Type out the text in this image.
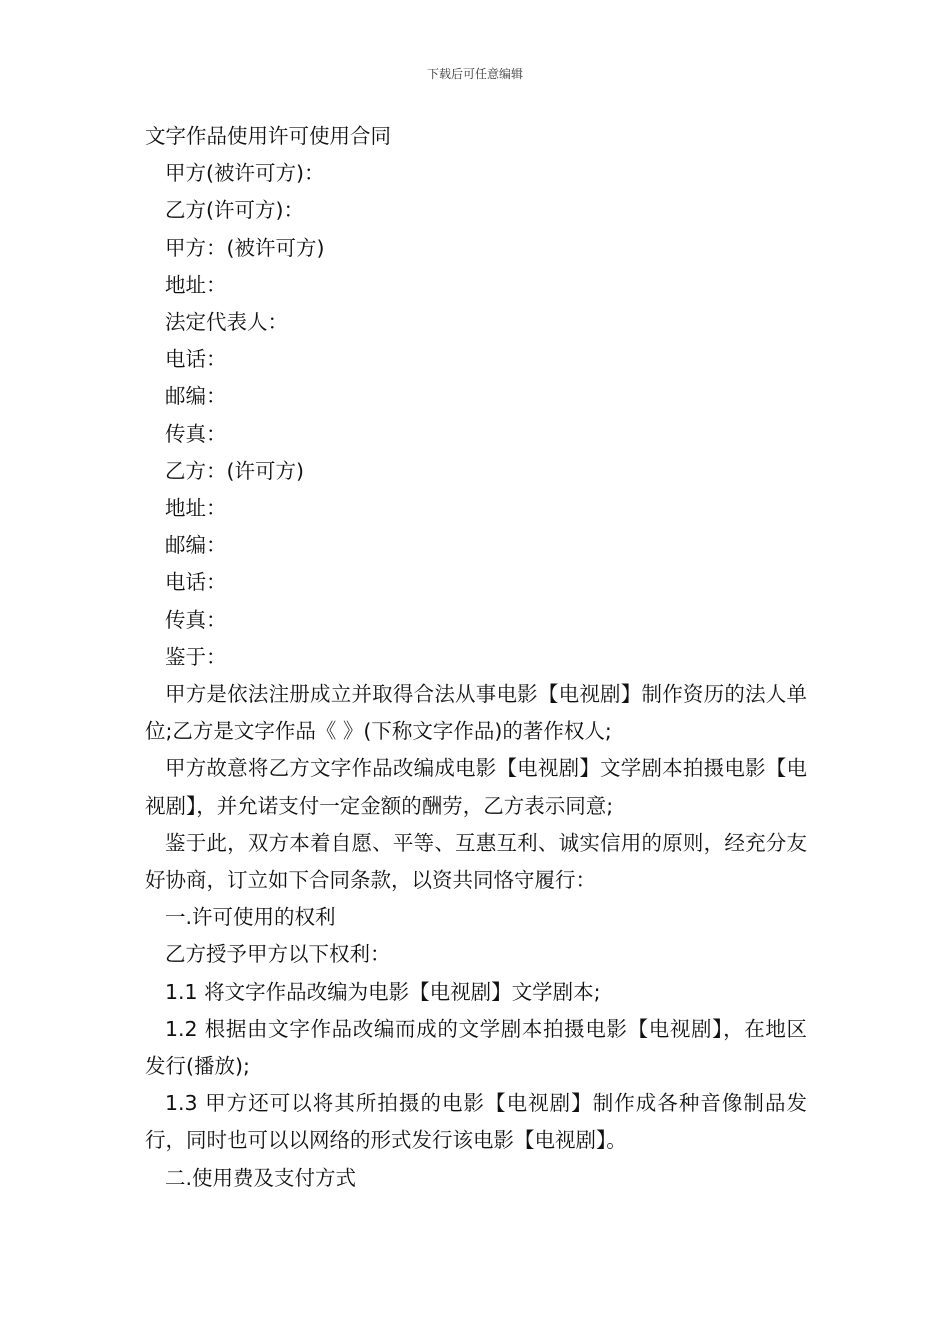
下载后可任意编辑

文字作品使用许可使用合同

甲方(被许可方)：

乙方(许可方)：

甲方：(被许可方)

地址：

法定代表人：

电话：

邮编：

传真：

乙方：(许可方)

地址：

邮编：

电话：

传真：

鉴于：

甲方是依法注册成立并取得合法从事电影【电视剧】制作资历的法人单位;乙方是文字作品《 》(下称文字作品)的著作权人;

甲方故意将乙方文字作品改编成电影【电视剧】文学剧本拍摄电影【电视剧】，并允诺支付一定金额的酬劳，乙方表示同意;

鉴于此，双方本着自愿、平等、互惠互利、诚实信用的原则，经充分友好协商，订立如下合同条款，以资共同恪守履行：

一.许可使用的权利

乙方授予甲方以下权利：

1.1 将文字作品改编为电影【电视剧】文学剧本;

1.2 根据由文字作品改编而成的文学剧本拍摄电影【电视剧】，在地区发行(播放);

1.3 甲方还可以将其所拍摄的电影【电视剧】制作成各种音像制品发行，同时也可以以网络的形式发行该电影【电视剧】。

二.使用费及支付方式
